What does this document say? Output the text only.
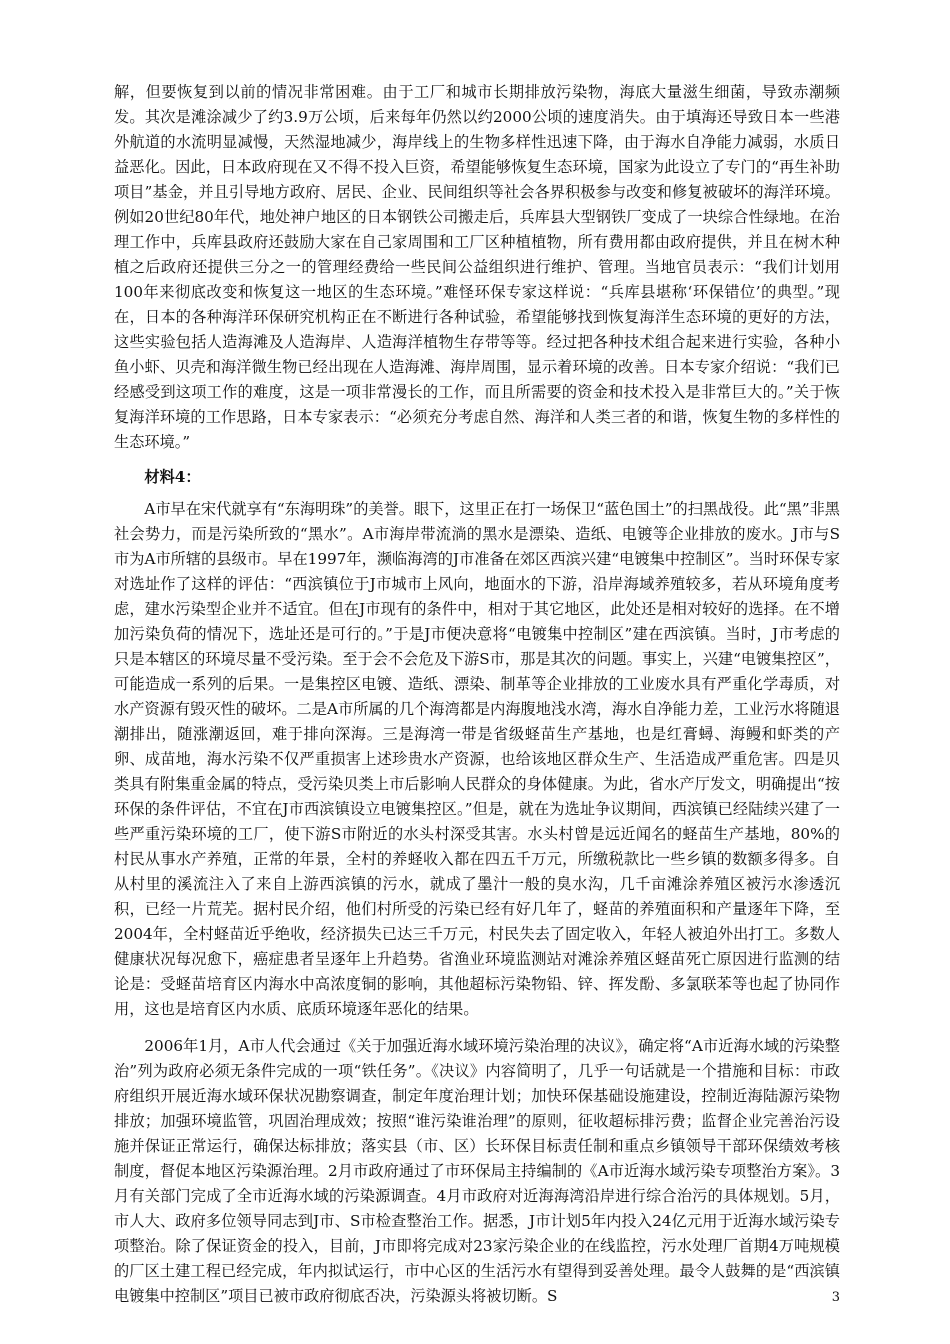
解，但要恢复到以前的情况非常困难。由于工厂和城市长期排放污染物，海底大量滋生细菌，导致赤潮频发。其次是滩涂减少了约3.9万公顷，后来每年仍然以约2000公顷的速度消失。由于填海还导致日本一些港外航道的水流明显减慢，天然湿地减少，海岸线上的生物多样性迅速下降，由于海水自净能力减弱，水质日益恶化。因此，日本政府现在又不得不投入巨资，希望能够恢复生态环境，国家为此设立了专门的“再生补助项目”基金，并且引导地方政府、居民、企业、民间组织等社会各界积极参与改变和修复被破坏的海洋环境。例如20世纪80年代，地处神户地区的日本钢铁公司搬走后，兵库县大型钢铁厂变成了一块综合性绿地。在治理工作中，兵库县政府还鼓励大家在自己家周围和工厂区种植植物，所有费用都由政府提供，并且在树木种植之后政府还提供三分之一的管理经费给一些民间公益组织进行维护、管理。当地官员表示：“我们计划用100年来彻底改变和恢复这一地区的生态环境。”难怪环保专家这样说：“兵库县堪称‘环保错位’的典型。”现在，日本的各种海洋环保研究机构正在不断进行各种试验，希望能够找到恢复海洋生态环境的更好的方法，这些实验包括人造海滩及人造海岸、人造海洋植物生存带等等。经过把各种技术组合起来进行实验，各种小鱼小虾、贝壳和海洋微生物已经出现在人造海滩、海岸周围，显示着环境的改善。日本专家介绍说：“我们已经感受到这项工作的难度，这是一项非常漫长的工作，而且所需要的资金和技术投入是非常巨大的。”关于恢复海洋环境的工作思路，日本专家表示：“必须充分考虑自然、海洋和人类三者的和谐，恢复生物的多样性的生态环境。”

材料4：

A市早在宋代就享有“东海明珠”的美誉。眼下，这里正在打一场保卫“蓝色国土”的扫黑战役。此“黑”非黑社会势力，而是污染所致的“黑水”。A市海岸带流淌的黑水是漂染、造纸、电镀等企业排放的废水。J市与S市为A市所辖的县级市。早在1997年，濒临海湾的J市准备在郊区西滨兴建“电镀集中控制区”。当时环保专家对选址作了这样的评估：“西滨镇位于J市城市上风向，地面水的下游，沿岸海域养殖较多，若从环境角度考虑，建水污染型企业并不适宜。但在J市现有的条件中，相对于其它地区，此处还是相对较好的选择。在不增加污染负荷的情况下，选址还是可行的。”于是J市便决意将“电镀集中控制区”建在西滨镇。当时，J市考虑的只是本辖区的环境尽量不受污染。至于会不会危及下游S市，那是其次的问题。事实上，兴建“电镀集控区”，可能造成一系列的后果。一是集控区电镀、造纸、漂染、制革等企业排放的工业废水具有严重化学毒质，对水产资源有毁灭性的破坏。二是A市所属的几个海湾都是内海腹地浅水湾，海水自净能力差，工业污水将随退潮排出，随涨潮返回，难于排向深海。三是海湾一带是省级蛏苗生产基地，也是红膏蟳、海鳗和虾类的产卵、成苗地，海水污染不仅严重损害上述珍贵水产资源，也给该地区群众生产、生活造成严重危害。四是贝类具有附集重金属的特点，受污染贝类上市后影响人民群众的身体健康。为此，省水产厅发文，明确提出“按环保的条件评估，不宜在J市西滨镇设立电镀集控区。”但是，就在为选址争议期间，西滨镇已经陆续兴建了一些严重污染环境的工厂，使下游S市附近的水头村深受其害。水头村曾是远近闻名的蛏苗生产基地，80%的村民从事水产养殖，正常的年景，全村的养蛏收入都在四五千万元，所缴税款比一些乡镇的数额多得多。自从村里的溪流注入了来自上游西滨镇的污水，就成了墨汁一般的臭水沟，几千亩滩涂养殖区被污水渗透沉积，已经一片荒芜。据村民介绍，他们村所受的污染已经有好几年了，蛏苗的养殖面积和产量逐年下降，至2004年，全村蛏苗近乎绝收，经济损失已达三千万元，村民失去了固定收入，年轻人被迫外出打工。多数人健康状况每况愈下，癌症患者呈逐年上升趋势。省渔业环境监测站对滩涂养殖区蛏苗死亡原因进行监测的结论是：受蛏苗培育区内海水中高浓度铜的影响，其他超标污染物铅、锌、挥发酚、多氯联苯等也起了协同作用，这也是培育区内水质、底质环境逐年恶化的结果。

2006年1月，A市人代会通过《关于加强近海水域环境污染治理的决议》，确定将“A市近海水域的污染整治”列为政府必须无条件完成的一项“铁任务”。《决议》内容简明了，几乎一句话就是一个措施和目标：市政府组织开展近海水域环保状况勘察调查，制定年度治理计划；加快环保基础设施建设，控制近海陆源污染物排放；加强环境监管，巩固治理成效；按照“谁污染谁治理”的原则，征收超标排污费；监督企业完善治污设施并保证正常运行，确保达标排放；落实县（市、区）长环保目标责任制和重点乡镇领导干部环保绩效考核制度，督促本地区污染源治理。2月市政府通过了市环保局主持编制的《A市近海水域污染专项整治方案》。3月有关部门完成了全市近海水域的污染源调查。4月市政府对近海海湾沿岸进行综合治污的具体规划。5月，市人大、政府多位领导同志到J市、S市检查整治工作。据悉，J市计划5年内投入24亿元用于近海水域污染专项整治。除了保证资金的投入，目前，J市即将完成对23家污染企业的在线监控，污水处理厂首期4万吨规模的厂区土建工程已经完成，年内拟试运行，市中心区的生活污水有望得到妥善处理。最令人鼓舞的是“西滨镇电镀集中控制区”项目已被市政府彻底否决，污染源头将被切断。S	3
